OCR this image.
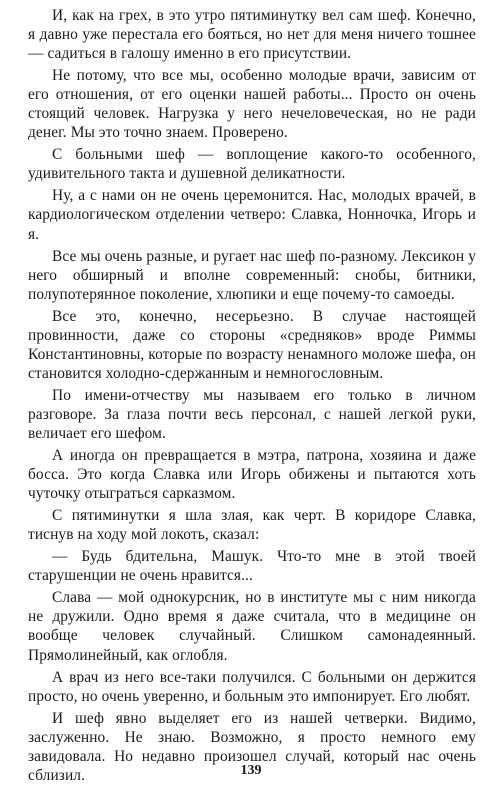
И, как на грех, в это утро пятиминутку вел сам шеф. Конечно, я давно уже перестала его бояться, но нет для меня ничего тошнее — садиться в галошу именно в его присутствии.

Не потому, что все мы, особенно молодые врачи, зависим от его отношения, от его оценки нашей работы... Просто он очень стоящий человек. Нагрузка у него нечеловеческая, но не ради денег. Мы это точно знаем. Проверено.

С больными шеф — воплощение какого-то особенного, удивительного такта и душевной деликатности.

Ну, а с нами он не очень церемонится. Нас, молодых врачей, в кардиологическом отделении четверо: Славка, Нонночка, Игорь и я.

Все мы очень разные, и ругает нас шеф по-разному. Лексикон у него обширный и вполне современный: снобы, битники, полупотерянное поколение, хлюпики и еще почему-то самоеды.

Все это, конечно, несерьезно. В случае настоящей провинности, даже со стороны «средняков» вроде Риммы Константиновны, которые по возрасту ненамного моложе шефа, он становится холодно-сдержанным и немногословным.

По имени-отчеству мы называем его только в личном разговоре. За глаза почти весь персонал, с нашей легкой руки, величает его шефом.

А иногда он превращается в мэтра, патрона, хозяина и даже босса. Это когда Славка или Игорь обижены и пытаются хоть чуточку отыграться сарказмом.

С пятиминутки я шла злая, как черт. В коридоре Славка, тиснув на ходу мой локоть, сказал:

— Будь бдительна, Машук. Что-то мне в этой твоей старушенции не очень нравится...

Слава — мой однокурсник, но в институте мы с ним никогда не дружили. Одно время я даже считала, что в медицине он вообще человек случайный. Слишком самонадеянный. Прямолинейный, как оглобля.

А врач из него все-таки получился. С больными он держится просто, но очень уверенно, и больным это импонирует. Его любят.

И шеф явно выделяет его из нашей четверки. Видимо, заслуженно. Не знаю. Возможно, я просто немного ему завидовала. Но недавно произошел случай, который нас очень сблизил.	139
